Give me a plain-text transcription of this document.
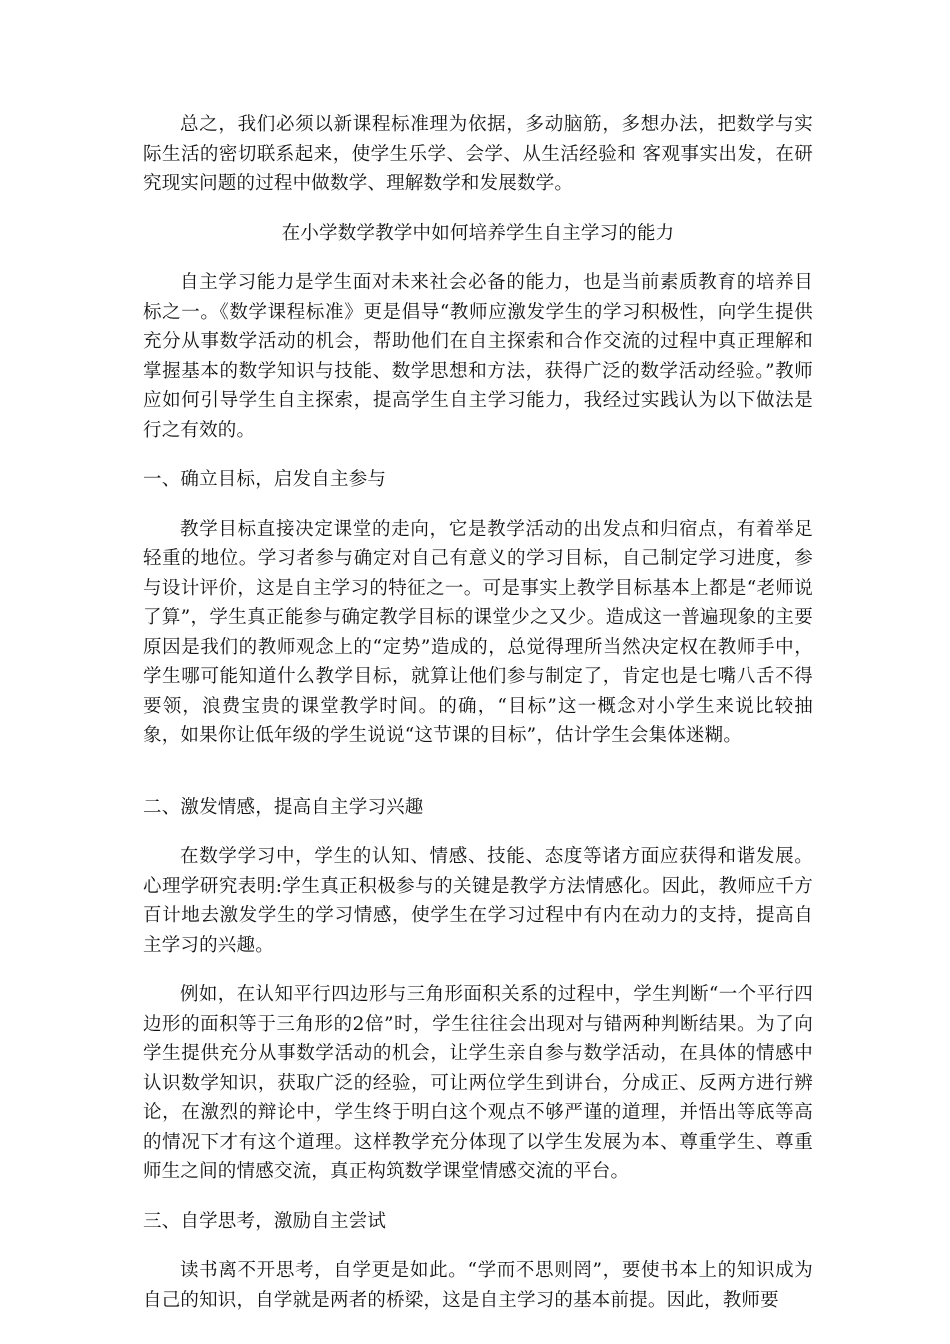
总之，我们必须以新课程标准理为依据，多动脑筋，多想办法，把数学与实际生活的密切联系起来，使学生乐学、会学、从生活经验和 客观事实出发，在研究现实问题的过程中做数学、理解数学和发展数学。

在小学数学教学中如何培养学生自主学习的能力

自主学习能力是学生面对未来社会必备的能力，也是当前素质教育的培养目标之一。《数学课程标准》更是倡导“教师应激发学生的学习积极性，向学生提供充分从事数学活动的机会，帮助他们在自主探索和合作交流的过程中真正理解和掌握基本的数学知识与技能、数学思想和方法，获得广泛的数学活动经验。”教师应如何引导学生自主探索，提高学生自主学习能力，我经过实践认为以下做法是行之有效的。

一、确立目标，启发自主参与

教学目标直接决定课堂的走向，它是教学活动的出发点和归宿点，有着举足轻重的地位。学习者参与确定对自己有意义的学习目标，自己制定学习进度，参与设计评价，这是自主学习的特征之一。可是事实上教学目标基本上都是“老师说了算”，学生真正能参与确定教学目标的课堂少之又少。造成这一普遍现象的主要原因是我们的教师观念上的“定势”造成的，总觉得理所当然决定权在教师手中，学生哪可能知道什么教学目标，就算让他们参与制定了，肯定也是七嘴八舌不得要领，浪费宝贵的课堂教学时间。的确，“目标”这一概念对小学生来说比较抽象，如果你让低年级的学生说说“这节课的目标”，估计学生会集体迷糊。

二、激发情感，提高自主学习兴趣

在数学学习中，学生的认知、情感、技能、态度等诸方面应获得和谐发展。心理学研究表明:学生真正积极参与的关键是教学方法情感化。因此，教师应千方百计地去激发学生的学习情感，使学生在学习过程中有内在动力的支持，提高自主学习的兴趣。

例如，在认知平行四边形与三角形面积关系的过程中，学生判断“一个平行四边形的面积等于三角形的2倍”时，学生往往会出现对与错两种判断结果。为了向学生提供充分从事数学活动的机会，让学生亲自参与数学活动，在具体的情感中认识数学知识，获取广泛的经验，可让两位学生到讲台，分成正、反两方进行辨论，在激烈的辩论中，学生终于明白这个观点不够严谨的道理，并悟出等底等高的情况下才有这个道理。这样教学充分体现了以学生发展为本、尊重学生、尊重师生之间的情感交流，真正构筑数学课堂情感交流的平台。

三、自学思考，激励自主尝试

读书离不开思考，自学更是如此。“学而不思则罔”，要使书本上的知识成为自己的知识，自学就是两者的桥梁，这是自主学习的基本前提。因此，教师要
